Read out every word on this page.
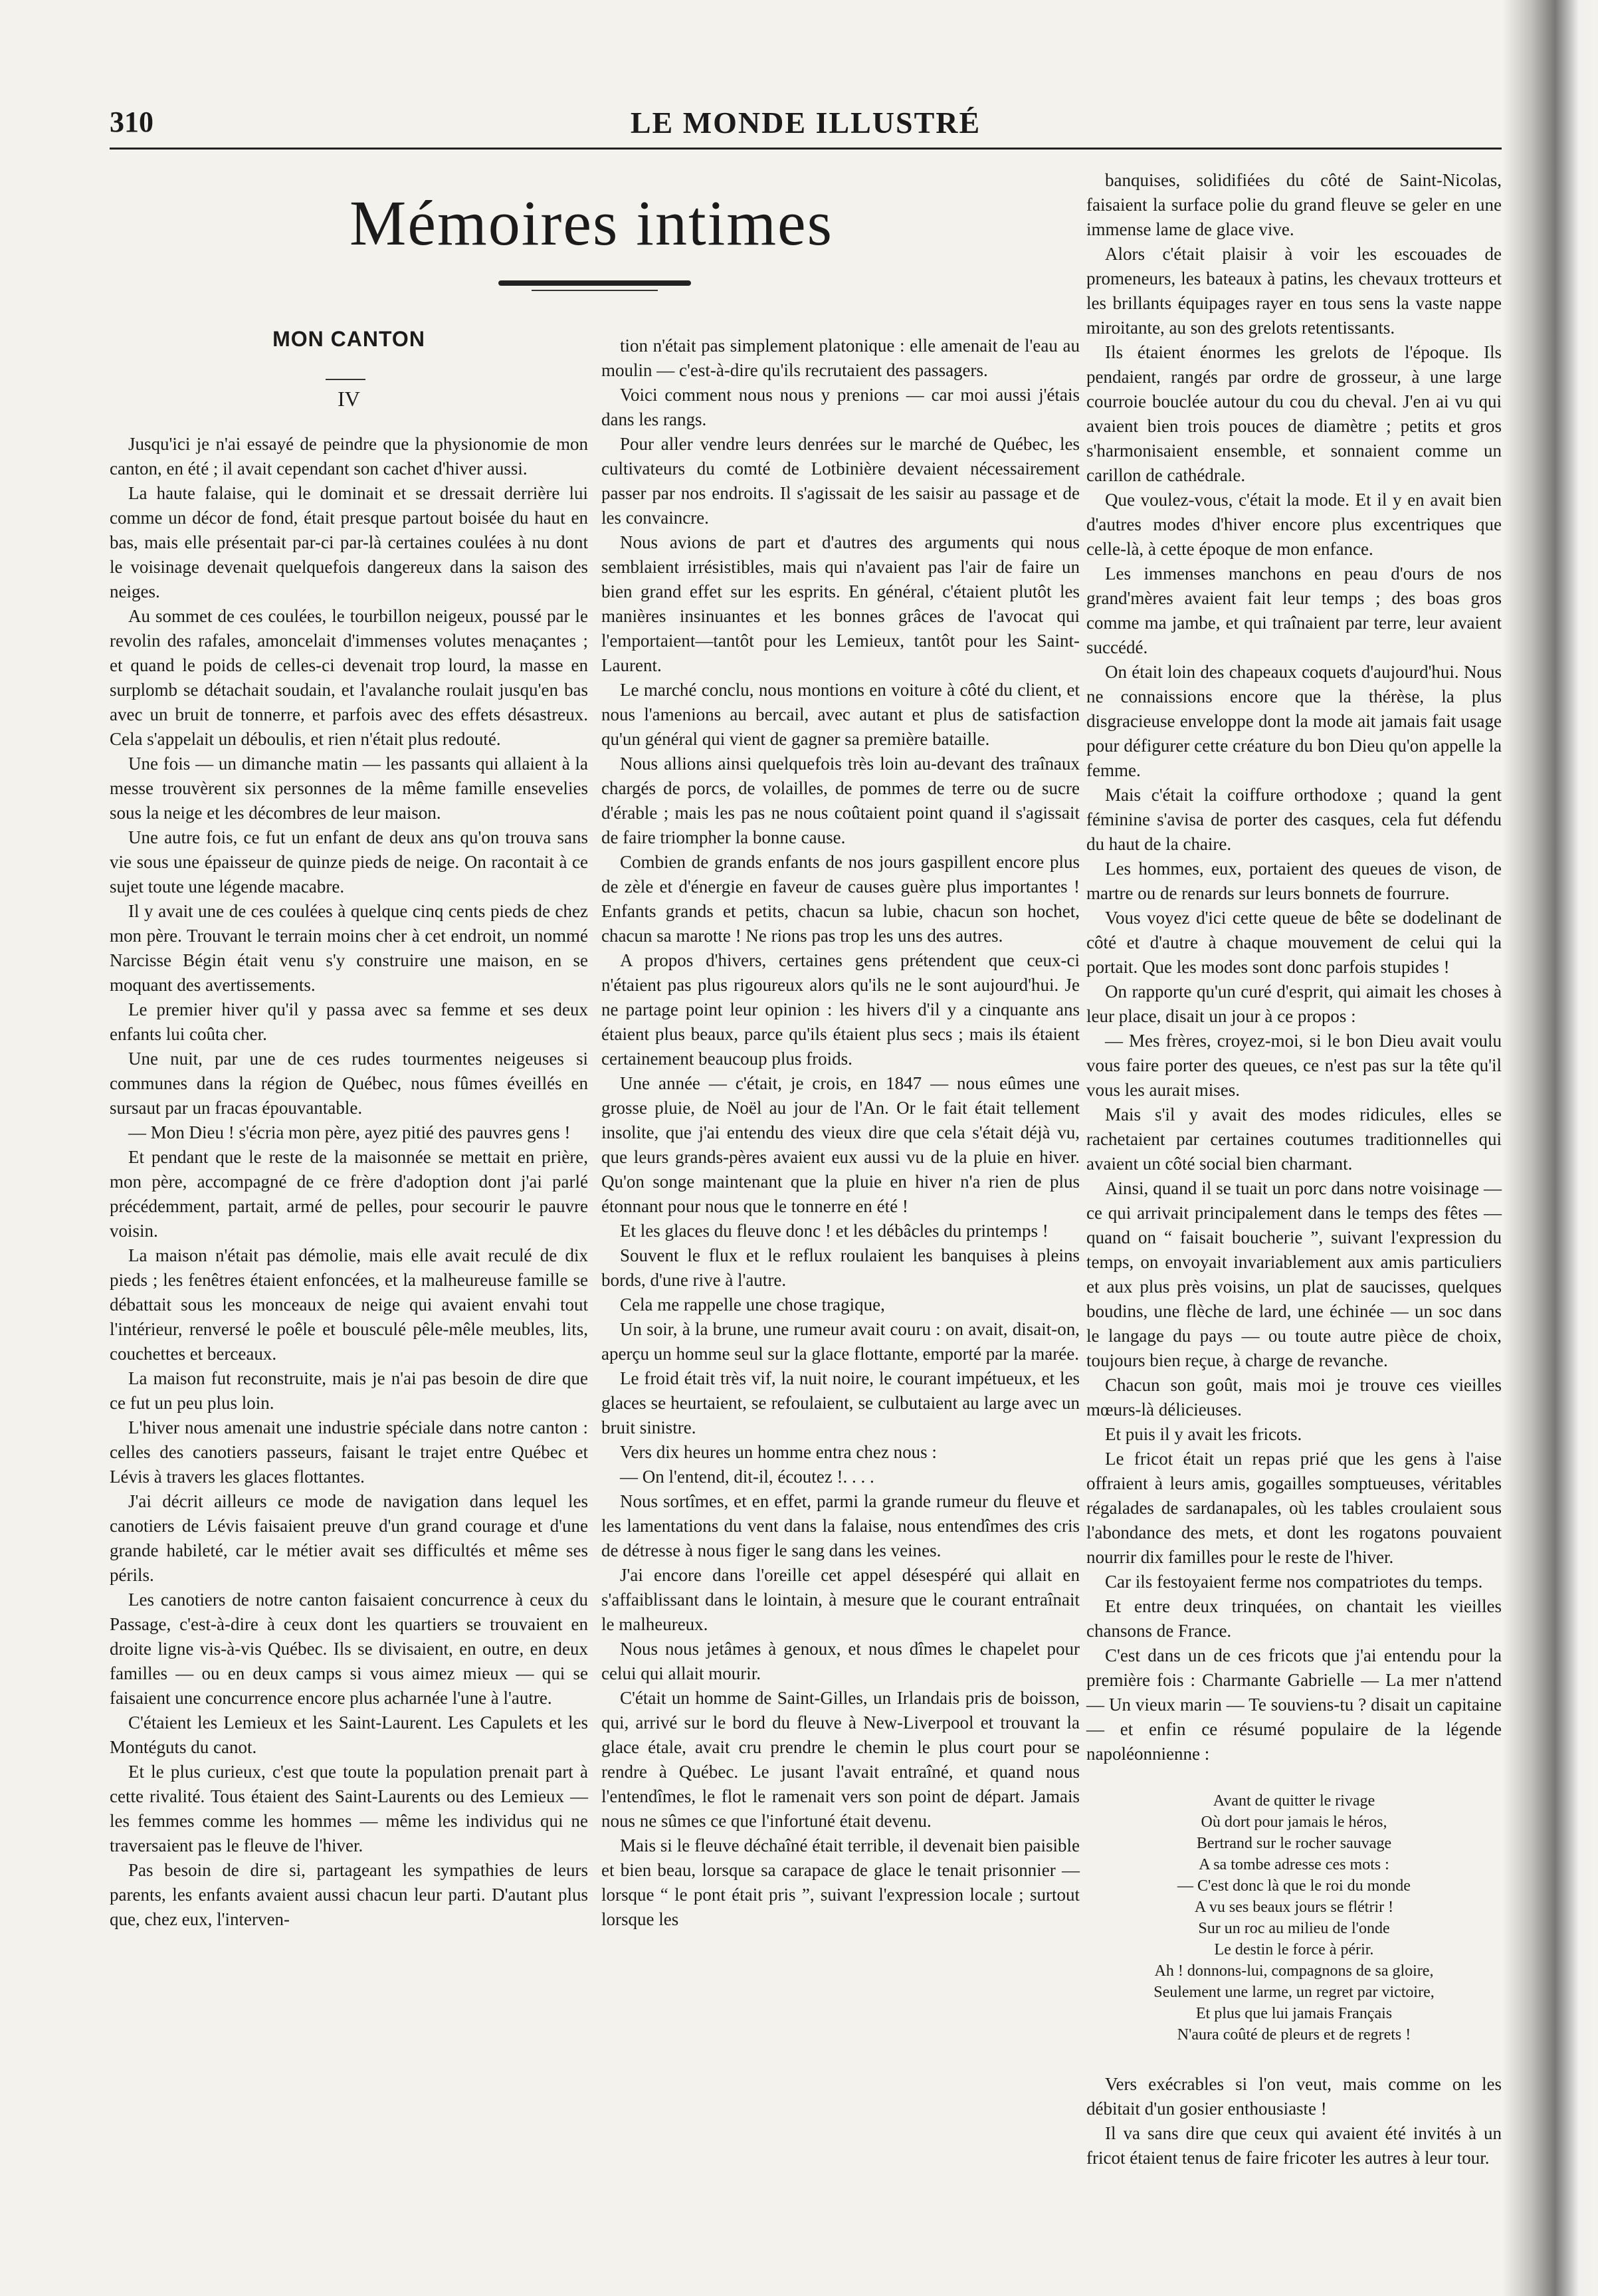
310	LE MONDE ILLUSTRÉ
Mémoires intimes
MON CANTON
IV

Jusqu'ici je n'ai essayé de peindre que la physionomie de mon canton, en été ; il avait cependant son cachet d'hiver aussi.

La haute falaise, qui le dominait et se dressait derrière lui comme un décor de fond, était presque partout boisée du haut en bas, mais elle présentait par-ci par-là certaines coulées à nu dont le voisinage devenait quelquefois dangereux dans la saison des neiges.

Au sommet de ces coulées, le tourbillon neigeux, poussé par le revolin des rafales, amoncelait d'immenses volutes menaçantes ; et quand le poids de celles-ci devenait trop lourd, la masse en surplomb se détachait soudain, et l'avalanche roulait jusqu'en bas avec un bruit de tonnerre, et parfois avec des effets désastreux. Cela s'appelait un déboulis, et rien n'était plus redouté.

Une fois — un dimanche matin — les passants qui allaient à la messe trouvèrent six personnes de la même famille ensevelies sous la neige et les décombres de leur maison.

Une autre fois, ce fut un enfant de deux ans qu'on trouva sans vie sous une épaisseur de quinze pieds de neige. On racontait à ce sujet toute une légende macabre.

Il y avait une de ces coulées à quelque cinq cents pieds de chez mon père. Trouvant le terrain moins cher à cet endroit, un nommé Narcisse Bégin était venu s'y construire une maison, en se moquant des avertissements.

Le premier hiver qu'il y passa avec sa femme et ses deux enfants lui coûta cher.

Une nuit, par une de ces rudes tourmentes neigeuses si communes dans la région de Québec, nous fûmes éveillés en sursaut par un fracas épouvantable.

— Mon Dieu ! s'écria mon père, ayez pitié des pauvres gens !

Et pendant que le reste de la maisonnée se mettait en prière, mon père, accompagné de ce frère d'adoption dont j'ai parlé précédemment, partait, armé de pelles, pour secourir le pauvre voisin.

La maison n'était pas démolie, mais elle avait reculé de dix pieds ; les fenêtres étaient enfoncées, et la malheureuse famille se débattait sous les monceaux de neige qui avaient envahi tout l'intérieur, renversé le poêle et bousculé pêle-mêle meubles, lits, couchettes et berceaux.

La maison fut reconstruite, mais je n'ai pas besoin de dire que ce fut un peu plus loin.

L'hiver nous amenait une industrie spéciale dans notre canton : celles des canotiers passeurs, faisant le trajet entre Québec et Lévis à travers les glaces flottantes.

J'ai décrit ailleurs ce mode de navigation dans lequel les canotiers de Lévis faisaient preuve d'un grand courage et d'une grande habileté, car le métier avait ses difficultés et même ses périls.

Les canotiers de notre canton faisaient concurrence à ceux du Passage, c'est-à-dire à ceux dont les quartiers se trouvaient en droite ligne vis-à-vis Québec. Ils se divisaient, en outre, en deux familles — ou en deux camps si vous aimez mieux — qui se faisaient une concurrence encore plus acharnée l'une à l'autre.

C'étaient les Lemieux et les Saint-Laurent. Les Capulets et les Montéguts du canot.

Et le plus curieux, c'est que toute la population prenait part à cette rivalité. Tous étaient des Saint-Laurents ou des Lemieux — les femmes comme les hommes — même les individus qui ne traversaient pas le fleuve de l'hiver.

Pas besoin de dire si, partageant les sympathies de leurs parents, les enfants avaient aussi chacun leur parti. D'autant plus que, chez eux, l'interven-

tion n'était pas simplement platonique : elle amenait de l'eau au moulin — c'est-à-dire qu'ils recrutaient des passagers.

Voici comment nous nous y prenions — car moi aussi j'étais dans les rangs.

Pour aller vendre leurs denrées sur le marché de Québec, les cultivateurs du comté de Lotbinière devaient nécessairement passer par nos endroits. Il s'agissait de les saisir au passage et de les convaincre.

Nous avions de part et d'autres des arguments qui nous semblaient irrésistibles, mais qui n'avaient pas l'air de faire un bien grand effet sur les esprits. En général, c'étaient plutôt les manières insinuantes et les bonnes grâces de l'avocat qui l'emportaient—tantôt pour les Lemieux, tantôt pour les Saint-Laurent.

Le marché conclu, nous montions en voiture à côté du client, et nous l'amenions au bercail, avec autant et plus de satisfaction qu'un général qui vient de gagner sa première bataille.

Nous allions ainsi quelquefois très loin au-devant des traînaux chargés de porcs, de volailles, de pommes de terre ou de sucre d'érable ; mais les pas ne nous coûtaient point quand il s'agissait de faire triompher la bonne cause.

Combien de grands enfants de nos jours gaspillent encore plus de zèle et d'énergie en faveur de causes guère plus importantes ! Enfants grands et petits, chacun sa lubie, chacun son hochet, chacun sa marotte ! Ne rions pas trop les uns des autres.

A propos d'hivers, certaines gens prétendent que ceux-ci n'étaient pas plus rigoureux alors qu'ils ne le sont aujourd'hui. Je ne partage point leur opinion : les hivers d'il y a cinquante ans étaient plus beaux, parce qu'ils étaient plus secs ; mais ils étaient certainement beaucoup plus froids.

Une année — c'était, je crois, en 1847 — nous eûmes une grosse pluie, de Noël au jour de l'An. Or le fait était tellement insolite, que j'ai entendu des vieux dire que cela s'était déjà vu, que leurs grands-pères avaient eux aussi vu de la pluie en hiver. Qu'on songe maintenant que la pluie en hiver n'a rien de plus étonnant pour nous que le tonnerre en été !

Et les glaces du fleuve donc ! et les débâcles du printemps !

Souvent le flux et le reflux roulaient les banquises à pleins bords, d'une rive à l'autre.

Cela me rappelle une chose tragique,

Un soir, à la brune, une rumeur avait couru : on avait, disait-on, aperçu un homme seul sur la glace flottante, emporté par la marée.

Le froid était très vif, la nuit noire, le courant impétueux, et les glaces se heurtaient, se refoulaient, se culbutaient au large avec un bruit sinistre.

Vers dix heures un homme entra chez nous :

— On l'entend, dit-il, écoutez !. . . .

Nous sortîmes, et en effet, parmi la grande rumeur du fleuve et les lamentations du vent dans la falaise, nous entendîmes des cris de détresse à nous figer le sang dans les veines.

J'ai encore dans l'oreille cet appel désespéré qui allait en s'affaiblissant dans le lointain, à mesure que le courant entraînait le malheureux.

Nous nous jetâmes à genoux, et nous dîmes le chapelet pour celui qui allait mourir.

C'était un homme de Saint-Gilles, un Irlandais pris de boisson, qui, arrivé sur le bord du fleuve à New-Liverpool et trouvant la glace étale, avait cru prendre le chemin le plus court pour se rendre à Québec. Le jusant l'avait entraîné, et quand nous l'entendîmes, le flot le ramenait vers son point de départ. Jamais nous ne sûmes ce que l'infortuné était devenu.

Mais si le fleuve déchaîné était terrible, il devenait bien paisible et bien beau, lorsque sa carapace de glace le tenait prisonnier — lorsque “ le pont était pris ”, suivant l'expression locale ; surtout lorsque les

banquises, solidifiées du côté de Saint-Nicolas, faisaient la surface polie du grand fleuve se geler en une immense lame de glace vive.

Alors c'était plaisir à voir les escouades de promeneurs, les bateaux à patins, les chevaux trotteurs et les brillants équipages rayer en tous sens la vaste nappe miroitante, au son des grelots retentissants.

Ils étaient énormes les grelots de l'époque. Ils pendaient, rangés par ordre de grosseur, à une large courroie bouclée autour du cou du cheval. J'en ai vu qui avaient bien trois pouces de diamètre ; petits et gros s'harmonisaient ensemble, et sonnaient comme un carillon de cathédrale.

Que voulez-vous, c'était la mode. Et il y en avait bien d'autres modes d'hiver encore plus excentriques que celle-là, à cette époque de mon enfance.

Les immenses manchons en peau d'ours de nos grand'mères avaient fait leur temps ; des boas gros comme ma jambe, et qui traînaient par terre, leur avaient succédé.

On était loin des chapeaux coquets d'aujourd'hui. Nous ne connaissions encore que la thérèse, la plus disgracieuse enveloppe dont la mode ait jamais fait usage pour défigurer cette créature du bon Dieu qu'on appelle la femme.

Mais c'était la coiffure orthodoxe ; quand la gent féminine s'avisa de porter des casques, cela fut défendu du haut de la chaire.

Les hommes, eux, portaient des queues de vison, de martre ou de renards sur leurs bonnets de fourrure.

Vous voyez d'ici cette queue de bête se dodelinant de côté et d'autre à chaque mouvement de celui qui la portait. Que les modes sont donc parfois stupides !

On rapporte qu'un curé d'esprit, qui aimait les choses à leur place, disait un jour à ce propos :

— Mes frères, croyez-moi, si le bon Dieu avait voulu vous faire porter des queues, ce n'est pas sur la tête qu'il vous les aurait mises.

Mais s'il y avait des modes ridicules, elles se rachetaient par certaines coutumes traditionnelles qui avaient un côté social bien charmant.

Ainsi, quand il se tuait un porc dans notre voisinage — ce qui arrivait principalement dans le temps des fêtes — quand on “ faisait boucherie ”, suivant l'expression du temps, on envoyait invariablement aux amis particuliers et aux plus près voisins, un plat de saucisses, quelques boudins, une flèche de lard, une échinée — un soc dans le langage du pays — ou toute autre pièce de choix, toujours bien reçue, à charge de revanche.

Chacun son goût, mais moi je trouve ces vieilles mœurs-là délicieuses.

Et puis il y avait les fricots.

Le fricot était un repas prié que les gens à l'aise offraient à leurs amis, gogailles somptueuses, véritables régalades de sardanapales, où les tables croulaient sous l'abondance des mets, et dont les rogatons pouvaient nourrir dix familles pour le reste de l'hiver.

Car ils festoyaient ferme nos compatriotes du temps.

Et entre deux trinquées, on chantait les vieilles chansons de France.

C'est dans un de ces fricots que j'ai entendu pour la première fois : Charmante Gabrielle — La mer n'attend — Un vieux marin — Te souviens-tu ? disait un capitaine — et enfin ce résumé populaire de la légende napoléonnienne :

Avant de quitter le rivage
Où dort pour jamais le héros,
Bertrand sur le rocher sauvage
A sa tombe adresse ces mots :
— C'est donc là que le roi du monde
A vu ses beaux jours se flétrir !
Sur un roc au milieu de l'onde
Le destin le force à périr.
Ah ! donnons-lui, compagnons de sa gloire,
Seulement une larme, un regret par victoire,
Et plus que lui jamais Français
N'aura coûté de pleurs et de regrets !

Vers exécrables si l'on veut, mais comme on les débitait d'un gosier enthousiaste !

Il va sans dire que ceux qui avaient été invités à un fricot étaient tenus de faire fricoter les autres à leur tour.
